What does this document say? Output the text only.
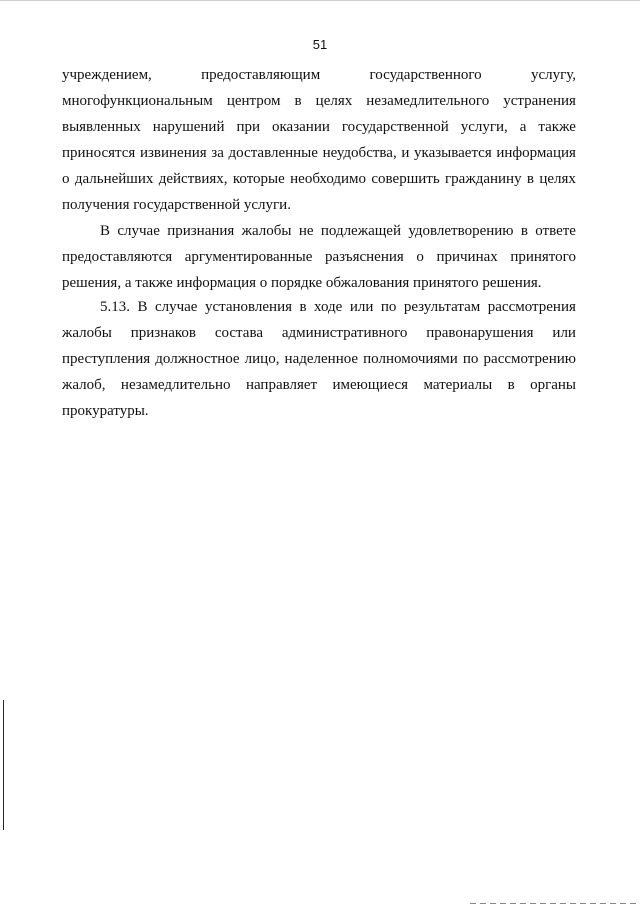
51
учреждением,	предоставляющим	государственного	услугу,
многофункциональным центром в целях незамедлительного устранения
выявленных нарушений при оказании государственной услуги, а также
приносятся извинения за доставленные неудобства, и указывается информация
о дальнейших действиях, которые необходимо совершить гражданину в целях
получения государственной услуги.
В случае признания жалобы не подлежащей удовлетворению в ответе
предоставляются аргументированные разъяснения о причинах принятого
решения, а также информация о порядке обжалования принятого решения.
5.13. В случае установления в ходе или по результатам рассмотрения
жалобы признаков состава административного правонарушения или
преступления должностное лицо, наделенное полномочиями по рассмотрению
жалоб, незамедлительно направляет имеющиеся материалы в органы
прокуратуры.
